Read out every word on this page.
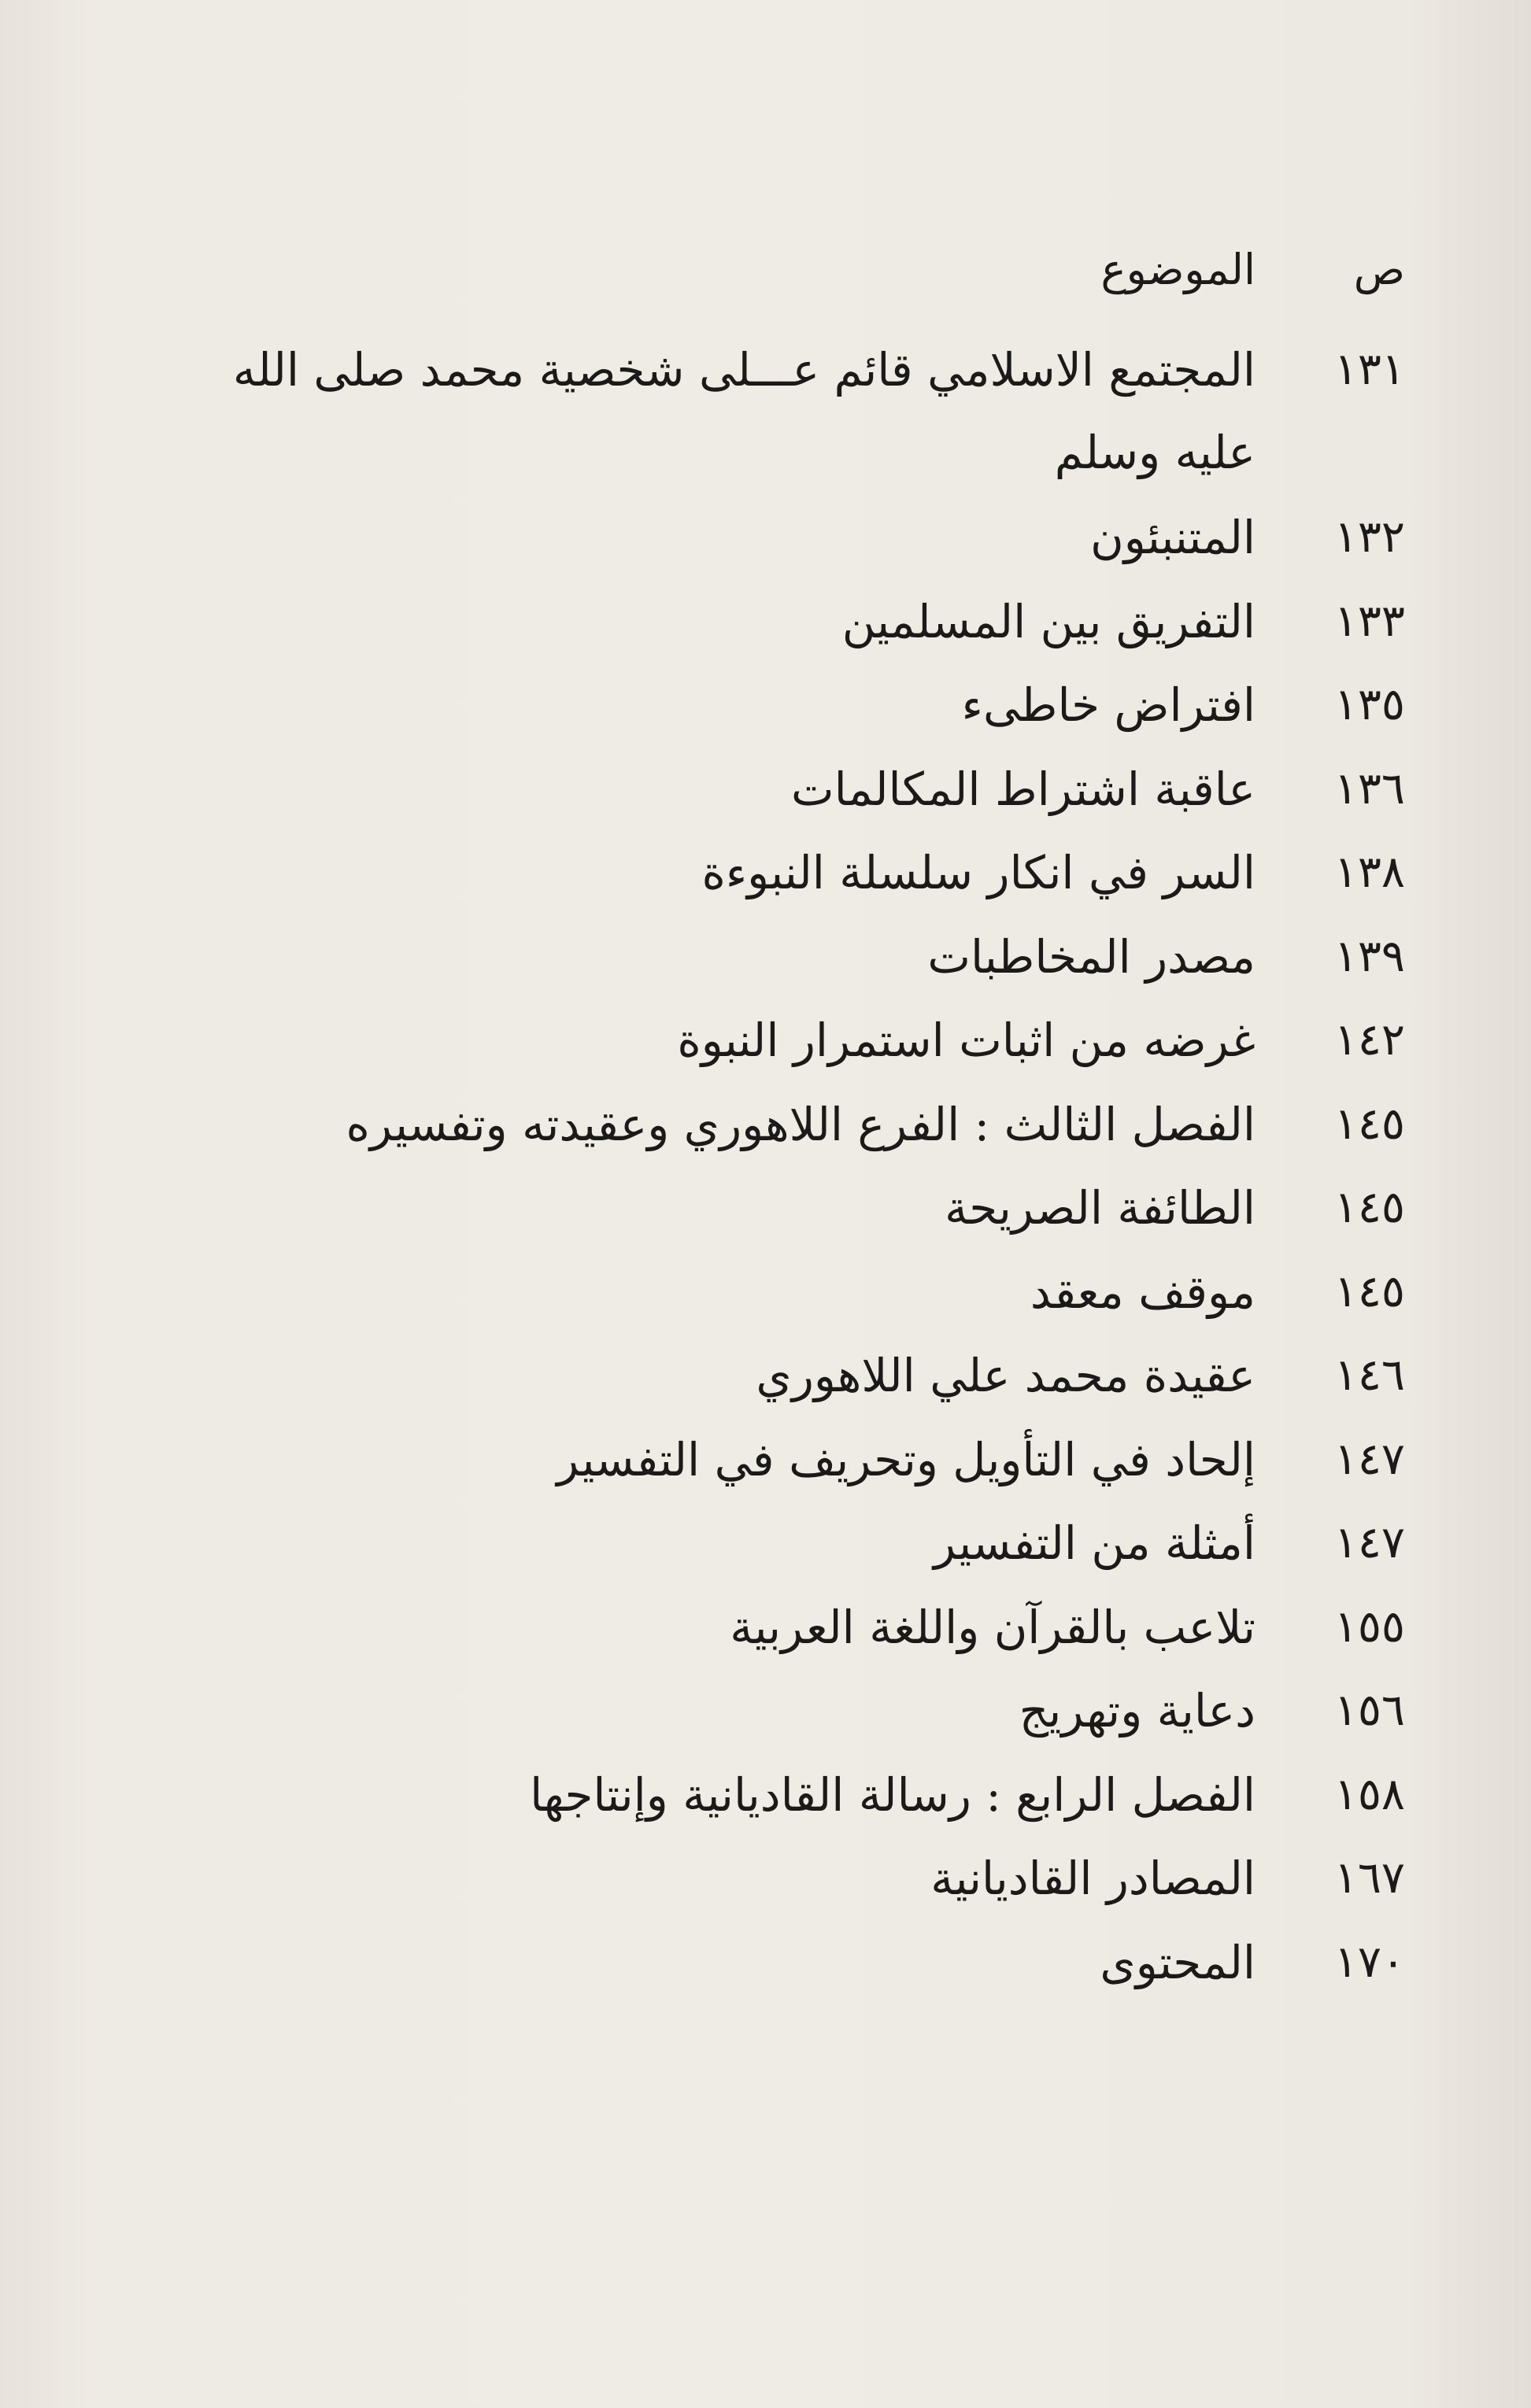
ص
الموضوع
١٣١
المجتمع الاسلامي قائم عـــلى شخصية محمد صلى الله
عليه وسلم
١٣٢
المتنبئون
١٣٣
التفريق بين المسلمين
١٣٥
افتراض خاطىء
١٣٦
عاقبة اشتراط المكالمات
١٣٨
السر في انكار سلسلة النبوءة
١٣٩
مصدر المخاطبات
١٤٢
غرضه من اثبات استمرار النبوة
١٤٥
الفصل الثالث : الفرع اللاهوري وعقيدته وتفسيره
١٤٥
الطائفة الصريحة
١٤٥
موقف معقد
١٤٦
عقيدة محمد علي اللاهوري
١٤٧
إلحاد في التأويل وتحريف في التفسير
١٤٧
أمثلة من التفسير
١٥٥
تلاعب بالقرآن واللغة العربية
١٥٦
دعاية وتهريج
١٥٨
الفصل الرابع : رسالة القاديانية وإنتاجها
١٦٧
المصادر القاديانية
١٧٠
المحتوى
